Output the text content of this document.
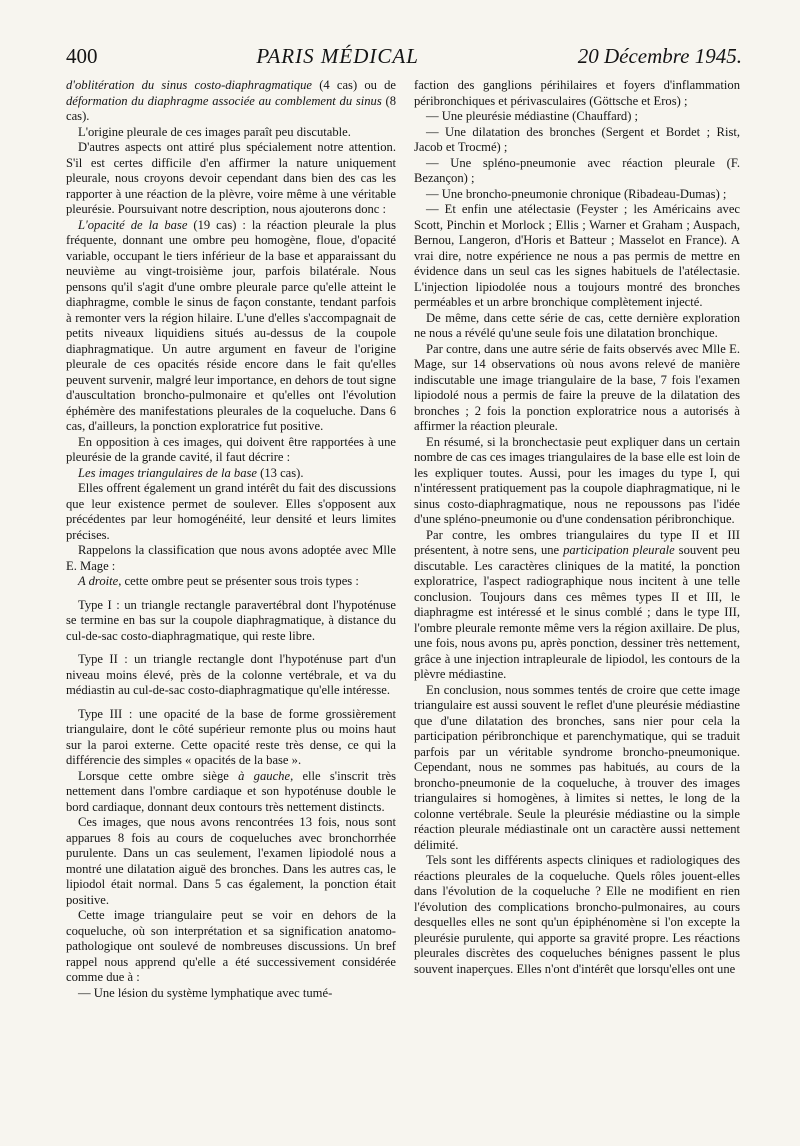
400	PARIS MÉDICAL	20 Décembre 1945.

d'oblitération du sinus costo-diaphragmatique (4 cas) ou de déformation du diaphragme associée au comblement du sinus (8 cas).

L'origine pleurale de ces images paraît peu discutable.

D'autres aspects ont attiré plus spécialement notre attention. S'il est certes difficile d'en affirmer la nature uniquement pleurale, nous croyons devoir cependant dans bien des cas les rapporter à une réaction de la plèvre, voire même à une véritable pleurésie. Poursuivant notre description, nous ajouterons donc :

L'opacité de la base (19 cas) : la réaction pleurale la plus fréquente, donnant une ombre peu homogène, floue, d'opacité variable, occupant le tiers inférieur de la base et apparaissant du neuvième au vingt-troisième jour, parfois bilatérale. Nous pensons qu'il s'agit d'une ombre pleurale parce qu'elle atteint le diaphragme, comble le sinus de façon constante, tendant parfois à remonter vers la région hilaire. L'une d'elles s'accompagnait de petits niveaux liquidiens situés au-dessus de la coupole diaphragmatique. Un autre argument en faveur de l'origine pleurale de ces opacités réside encore dans le fait qu'elles peuvent survenir, malgré leur importance, en dehors de tout signe d'auscultation broncho-pulmonaire et qu'elles ont l'évolution éphémère des manifestations pleurales de la coqueluche. Dans 6 cas, d'ailleurs, la ponction exploratrice fut positive.

En opposition à ces images, qui doivent être rapportées à une pleurésie de la grande cavité, il faut décrire :

Les images triangulaires de la base (13 cas).

Elles offrent également un grand intérêt du fait des discussions que leur existence permet de soulever. Elles s'opposent aux précédentes par leur homogénéité, leur densité et leurs limites précises.

Rappelons la classification que nous avons adoptée avec Mlle E. Mage :

A droite, cette ombre peut se présenter sous trois types :

Type I : un triangle rectangle paravertébral dont l'hypoténuse se termine en bas sur la coupole diaphragmatique, à distance du cul-de-sac costo-diaphragmatique, qui reste libre.

Type II : un triangle rectangle dont l'hypoténuse part d'un niveau moins élevé, près de la colonne vertébrale, et va du médiastin au cul-de-sac costo-diaphragmatique qu'elle intéresse.

Type III : une opacité de la base de forme grossièrement triangulaire, dont le côté supérieur remonte plus ou moins haut sur la paroi externe. Cette opacité reste très dense, ce qui la différencie des simples « opacités de la base ».

Lorsque cette ombre siège à gauche, elle s'inscrit très nettement dans l'ombre cardiaque et son hypoténuse double le bord cardiaque, donnant deux contours très nettement distincts.

Ces images, que nous avons rencontrées 13 fois, nous sont apparues 8 fois au cours de coqueluches avec bronchorrhée purulente. Dans un cas seulement, l'examen lipiodolé nous a montré une dilatation aiguë des bronches. Dans les autres cas, le lipiodol était normal. Dans 5 cas également, la ponction était positive.

Cette image triangulaire peut se voir en dehors de la coqueluche, où son interprétation et sa signification anatomo-pathologique ont soulevé de nombreuses discussions. Un bref rappel nous apprend qu'elle a été successivement considérée comme due à :

— Une lésion du système lymphatique avec tumé-

faction des ganglions périhilaires et foyers d'inflammation péribronchiques et périvasculaires (Göttsche et Eros) ;

— Une pleurésie médiastine (Chauffard) ;

— Une dilatation des bronches (Sergent et Bordet ; Rist, Jacob et Trocmé) ;

— Une spléno-pneumonie avec réaction pleurale (F. Bezançon) ;

— Une broncho-pneumonie chronique (Ribadeau-Dumas) ;

— Et enfin une atélectasie (Feyster ; les Américains avec Scott, Pinchin et Morlock ; Ellis ; Warner et Graham ; Auspach, Bernou, Langeron, d'Horis et Batteur ; Masselot en France). A vrai dire, notre expérience ne nous a pas permis de mettre en évidence dans un seul cas les signes habituels de l'atélectasie. L'injection lipiodolée nous a toujours montré des bronches perméables et un arbre bronchique complètement injecté.

De même, dans cette série de cas, cette dernière exploration ne nous a révélé qu'une seule fois une dilatation bronchique.

Par contre, dans une autre série de faits observés avec Mlle E. Mage, sur 14 observations où nous avons relevé de manière indiscutable une image triangulaire de la base, 7 fois l'examen lipiodolé nous a permis de faire la preuve de la dilatation des bronches ; 2 fois la ponction exploratrice nous a autorisés à affirmer la réaction pleurale.

En résumé, si la bronchectasie peut expliquer dans un certain nombre de cas ces images triangulaires de la base elle est loin de les expliquer toutes. Aussi, pour les images du type I, qui n'intéressent pratiquement pas la coupole diaphragmatique, ni le sinus costo-diaphragmatique, nous ne repoussons pas l'idée d'une spléno-pneumonie ou d'une condensation péribronchique.

Par contre, les ombres triangulaires du type II et III présentent, à notre sens, une participation pleurale souvent peu discutable. Les caractères cliniques de la matité, la ponction exploratrice, l'aspect radiographique nous incitent à une telle conclusion. Toujours dans ces mêmes types II et III, le diaphragme est intéressé et le sinus comblé ; dans le type III, l'ombre pleurale remonte même vers la région axillaire. De plus, une fois, nous avons pu, après ponction, dessiner très nettement, grâce à une injection intrapleurale de lipiodol, les contours de la plèvre médiastine.

En conclusion, nous sommes tentés de croire que cette image triangulaire est aussi souvent le reflet d'une pleurésie médiastine que d'une dilatation des bronches, sans nier pour cela la participation péribronchique et parenchymatique, qui se traduit parfois par un véritable syndrome broncho-pneumonique. Cependant, nous ne sommes pas habitués, au cours de la broncho-pneumonie de la coqueluche, à trouver des images triangulaires si homogènes, à limites si nettes, le long de la colonne vertébrale. Seule la pleurésie médiastine ou la simple réaction pleurale médiastinale ont un caractère aussi nettement délimité.

Tels sont les différents aspects cliniques et radiologiques des réactions pleurales de la coqueluche. Quels rôles jouent-elles dans l'évolution de la coqueluche ? Elle ne modifient en rien l'évolution des complications broncho-pulmonaires, au cours desquelles elles ne sont qu'un épiphénomène si l'on excepte la pleurésie purulente, qui apporte sa gravité propre. Les réactions pleurales discrètes des coqueluches bénignes passent le plus souvent inaperçues. Elles n'ont d'intérêt que lorsqu'elles ont une
